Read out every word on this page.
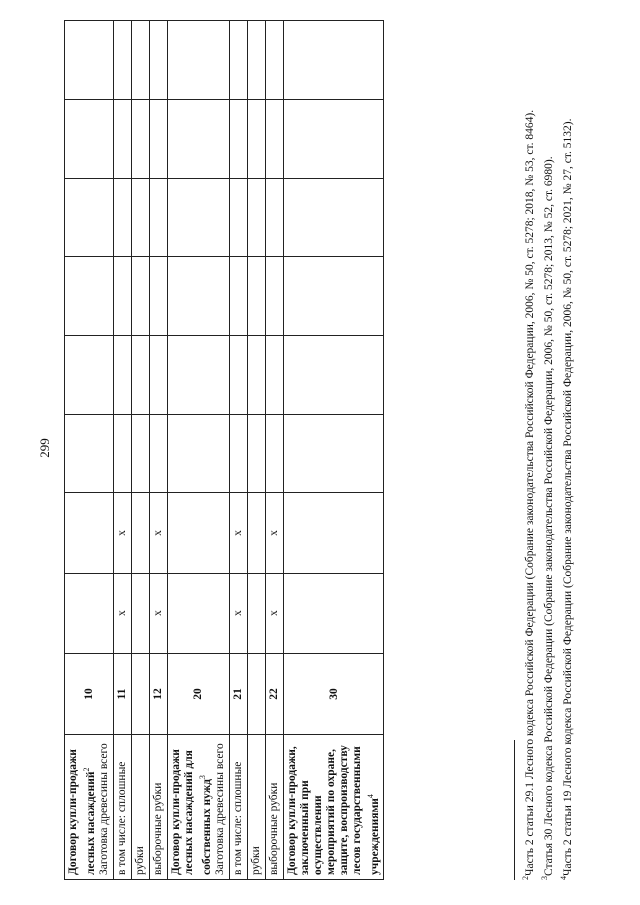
299
Договор купли-продажи лесных насаждений$^2$ Заготовка древесины всего	10								
в том числе: сплошные	11	x	x						
рубки									
выборочные рубки	12	x	x						
Договор купли-продажи лесных насаждений для собственных нужд$^3$ Заготовка древесины всего	20								
в том числе: сплошные	21	x	x						
рубки									
выборочные рубки	22	x	x						
Договор купли-продажи, заключенный при осуществлении мероприятий по охране, защите, воспроизводству лесов государственными учреждениями$^4$	30								

$^2$Часть 2 статьи 29.1 Лесного кодекса Российской Федерации (Собрание законодательства Российской Федерации, 2006, № 50, ст. 5278; 2018, № 53, ст. 8464).

$^3$Статья 30 Лесного кодекса Российской Федерации (Собрание законодательства Российской Федерации, 2006, № 50, ст. 5278; 2013, № 52, ст. 6980).

$^4$Часть 2 статьи 19 Лесного кодекса Российской Федерации (Собрание законодательства Российской Федерации, 2006, № 50, ст. 5278; 2021, № 27, ст. 5132).
